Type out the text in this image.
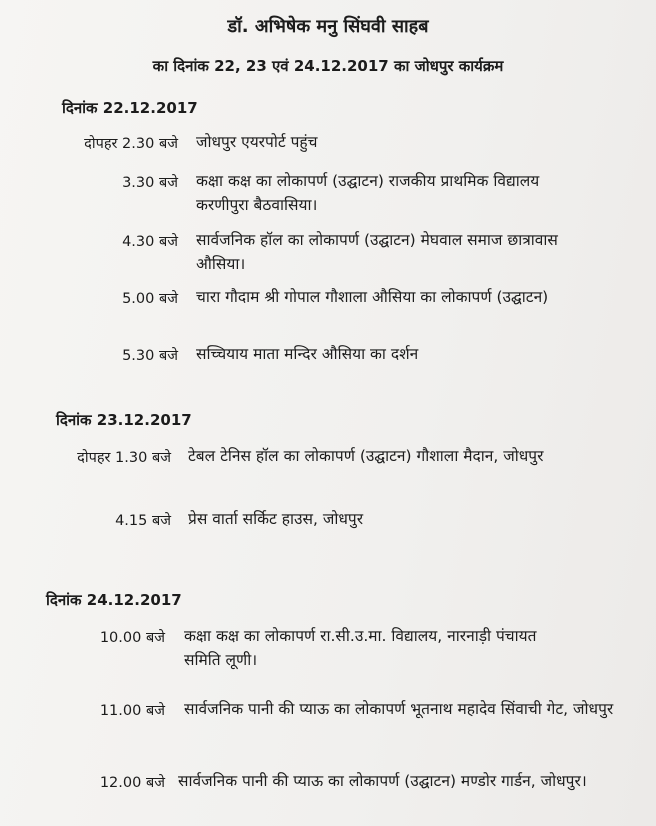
डॉ. अभिषेक मनु सिंघवी साहब
का दिनांक 22, 23 एवं 24.12.2017 का जोधपुर कार्यक्रम
दिनांक 22.12.2017
दोपहर 2.30 बजे जोधपुर एयरपोर्ट पहुंच
3.30 बजे कक्षा कक्ष का लोकापर्ण (उद्घाटन) राजकीय प्राथमिक विद्यालय करणीपुरा बैठवासिया।
4.30 बजे सार्वजनिक हॉल का लोकापर्ण (उद्घाटन) मेघवाल समाज छात्रावास औसिया।
5.00 बजे चारा गौदाम श्री गोपाल गौशाला औसिया का लोकापर्ण (उद्घाटन)
5.30 बजे सच्चियाय माता मन्दिर औसिया का दर्शन
दिनांक 23.12.2017
दोपहर 1.30 बजे टेबल टेनिस हॉल का लोकापर्ण (उद्घाटन) गौशाला मैदान, जोधपुर
4.15 बजे प्रेस वार्ता सर्किट हाउस, जोधपुर
दिनांक 24.12.2017
10.00 बजे कक्षा कक्ष का लोकापर्ण रा.सी.उ.मा. विद्यालय, नारनाड़ी पंचायत समिति लूणी।
11.00 बजे सार्वजनिक पानी की प्याऊ का लोकापर्ण भूतनाथ महादेव सिंवाची गेट, जोधपुर
12.00 बजे सार्वजनिक पानी की प्याऊ का लोकापर्ण (उद्घाटन) मण्डोर गार्डन, जोधपुर।
